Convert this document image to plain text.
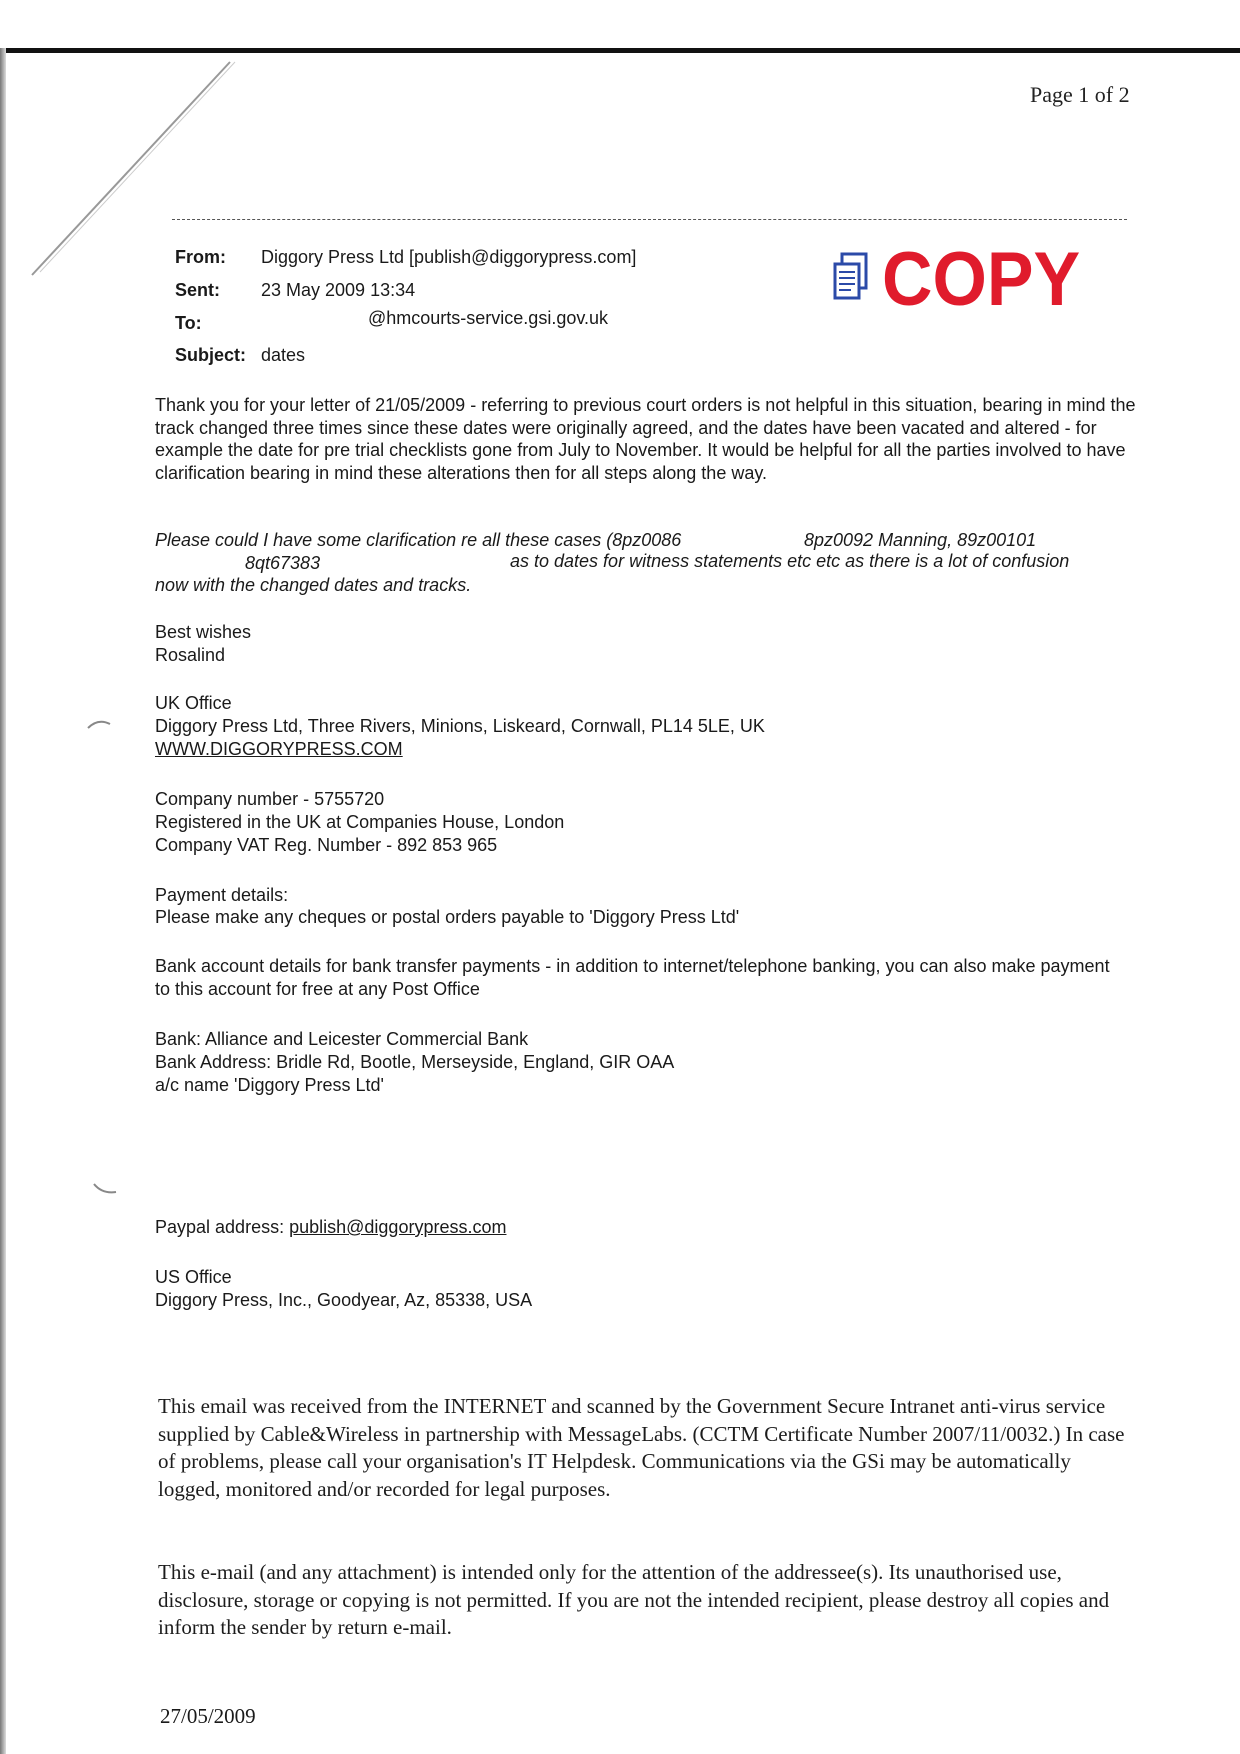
Page 1 of 2
From: Diggory Press Ltd [publish@diggorypress.com]
Sent: 23 May 2009 13:34
To:	@hmcourts-service.gsi.gov.uk
Subject: dates
COPY
Thank you for your letter of 21/05/2009 - referring to previous court orders is not helpful in this situation, bearing in mind the track changed three times since these dates were originally agreed, and the dates have been vacated and altered - for example the date for pre trial checklists gone from July to November. It would be helpful for all the parties involved to have clarification bearing in mind these alterations then for all steps along the way.
Please could I have some clarification re all these cases (8pz0086	8pz0092 Manning, 89z00101
8qt67383	as to dates for witness statements etc etc as there is a lot of confusion
now with the changed dates and tracks.
Best wishes
Rosalind
UK Office
Diggory Press Ltd, Three Rivers, Minions, Liskeard, Cornwall, PL14 5LE, UK
WWW.DIGGORYPRESS.COM
Company number - 5755720
Registered in the UK at Companies House, London
Company VAT Reg. Number - 892 853 965
Payment details:
Please make any cheques or postal orders payable to 'Diggory Press Ltd'
Bank account details for bank transfer payments - in addition to internet/telephone banking, you can also make payment to this account for free at any Post Office
Bank: Alliance and Leicester Commercial Bank
Bank Address: Bridle Rd, Bootle, Merseyside, England, GIR OAA
a/c name 'Diggory Press Ltd'
Paypal address: publish@diggorypress.com
US Office
Diggory Press, Inc., Goodyear, Az, 85338, USA
This email was received from the INTERNET and scanned by the Government Secure Intranet anti-virus service supplied by Cable&Wireless in partnership with MessageLabs. (CCTM Certificate Number 2007/11/0032.) In case of problems, please call your organisation's IT Helpdesk. Communications via the GSi may be automatically logged, monitored and/or recorded for legal purposes.
This e-mail (and any attachment) is intended only for the attention of the addressee(s). Its unauthorised use, disclosure, storage or copying is not permitted. If you are not the intended recipient, please destroy all copies and inform the sender by return e-mail.
27/05/2009
